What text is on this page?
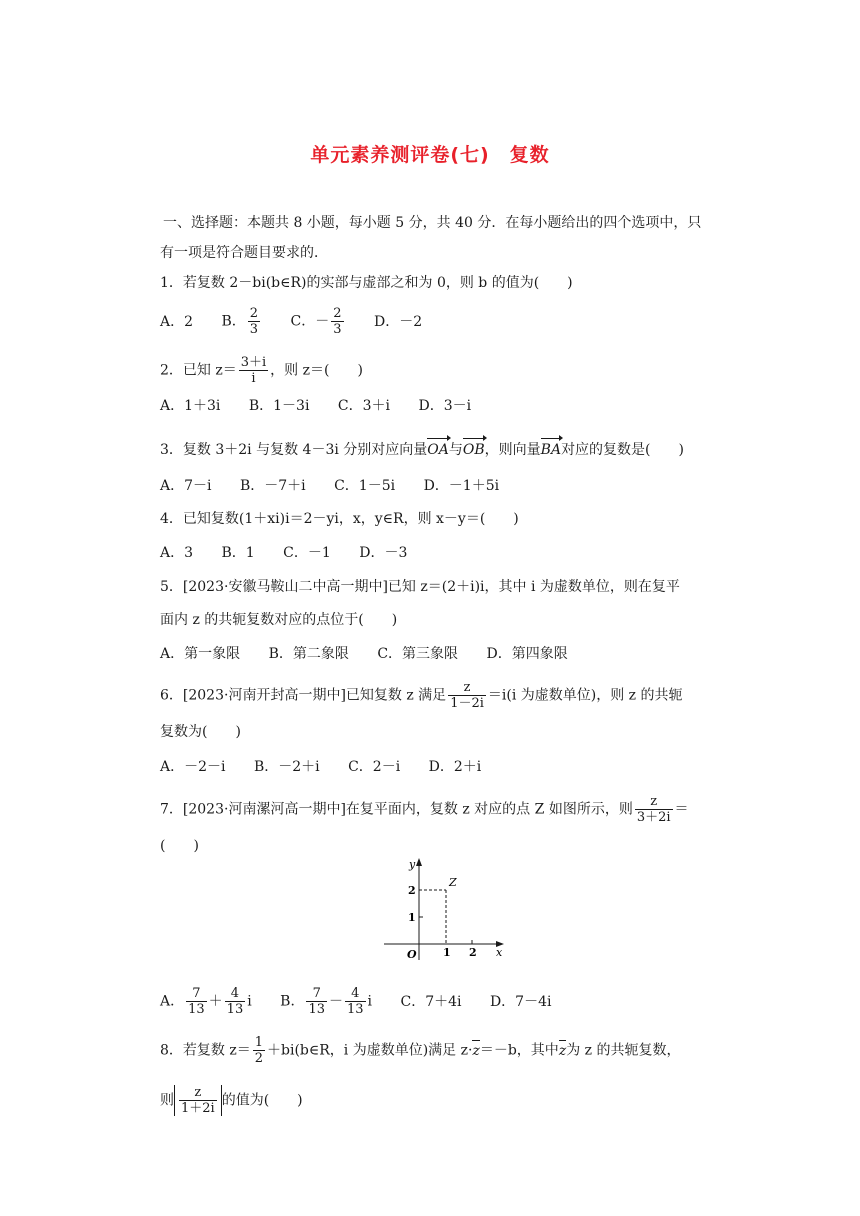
单元素养测评卷(七)　复数
一、选择题：本题共 8 小题，每小题 5 分，共 40 分．在每小题给出的四个选项中，只
有一项是符合题目要求的．
1．若复数 2－bi(b∈R)的实部与虚部之和为 0，则 b 的值为(　　)
A．2 B． $\frac{2}{3}$ C．－ $\frac{2}{3}$ D．－2
2．已知 $z= \frac{3+i}{i}$ ，则 z＝(　　)
A．1＋3i B．1－3i C．3＋i D．3－i
3．复数 3＋2i 与复数 4－3i 分别对应向量OA与OB，则向量BA对应的复数是(　　)
A．7－i B．－7＋i C．1－5i D．－1＋5i
4．已知复数(1＋xi)i＝2－yi，x，y∈R，则 x－y＝(　　)
A．3 B．1 C．－1 D．－3
5．[2023·安徽马鞍山二中高一期中]已知 z＝(2＋i)i，其中 i 为虚数单位，则在复平
面内 z 的共轭复数对应的点位于(　　)
A．第一象限 B．第二象限 C．第三象限 D．第四象限
6．[2023·河南开封高一期中]已知复数 z 满足 $\frac{z}{1-2i} =i(i$ 为虚数单位)，则 z 的共轭
复数为(　　)
A．－2－i B．－2＋i C．2－i D．2＋i
7．[2023·河南漯河高一期中]在复平面内，复数 z 对应的点 Z 如图所示，则 $\frac{z}{3+2i}$ ＝
(　　)
y
x
O
Z
2
1
1 2
A． $\frac{7}{13} + \frac{4}{13}$ i B． $\frac{7}{13} - \frac{4}{13}$ i C．7＋4i D．7－4i
8．若复数 $z= \frac{1}{2}$ ＋bi(b∈R，i 为虚数单位)满足 z·z＝－b，其中z为 z 的共轭复数，
则 $\frac{z}{1+2i}$ 的值为(　　)
